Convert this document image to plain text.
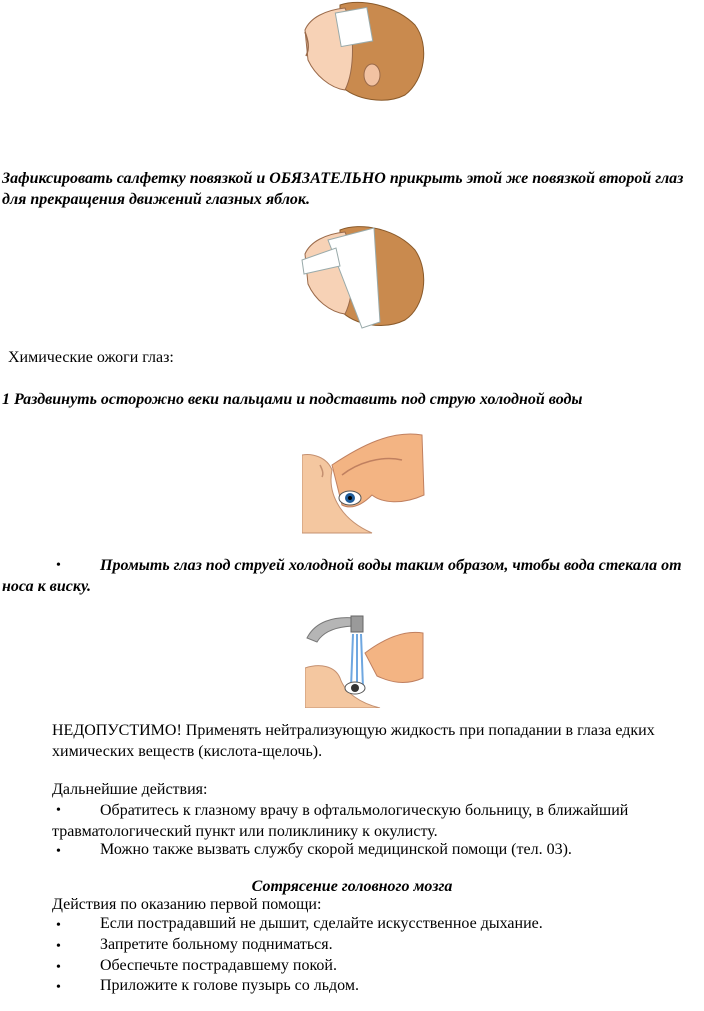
Зафиксировать салфетку повязкой и ОБЯЗАТЕЛЬНО прикрыть этой же повязкой второй глаз для прекращения движений глазных яблок.

Химические ожоги глаз:

1 Раздвинуть осторожно веки пальцами и подставить под струю холодной воды

•	Промыть глаз под струей холодной воды таким образом, чтобы вода стекала от носа к виску.

НЕДОПУСТИМО! Применять нейтрализующую жидкость при попадании в глаза едких химических веществ (кислота-щелочь).

Дальнейшие действия:

•	Обратитесь к глазному врачу в офтальмологическую больницу, в ближайший травматологический пункт или поликлинику к окулисту.

• Можно также вызвать службу скорой медицинской помощи (тел. 03).

Сотрясение головного мозга

Действия по оказанию первой помощи:

• Если пострадавший не дышит, сделайте искусственное дыхание.

• Запретите больному подниматься.

• Обеспечьте пострадавшему покой.

• Приложите к голове пузырь со льдом.
